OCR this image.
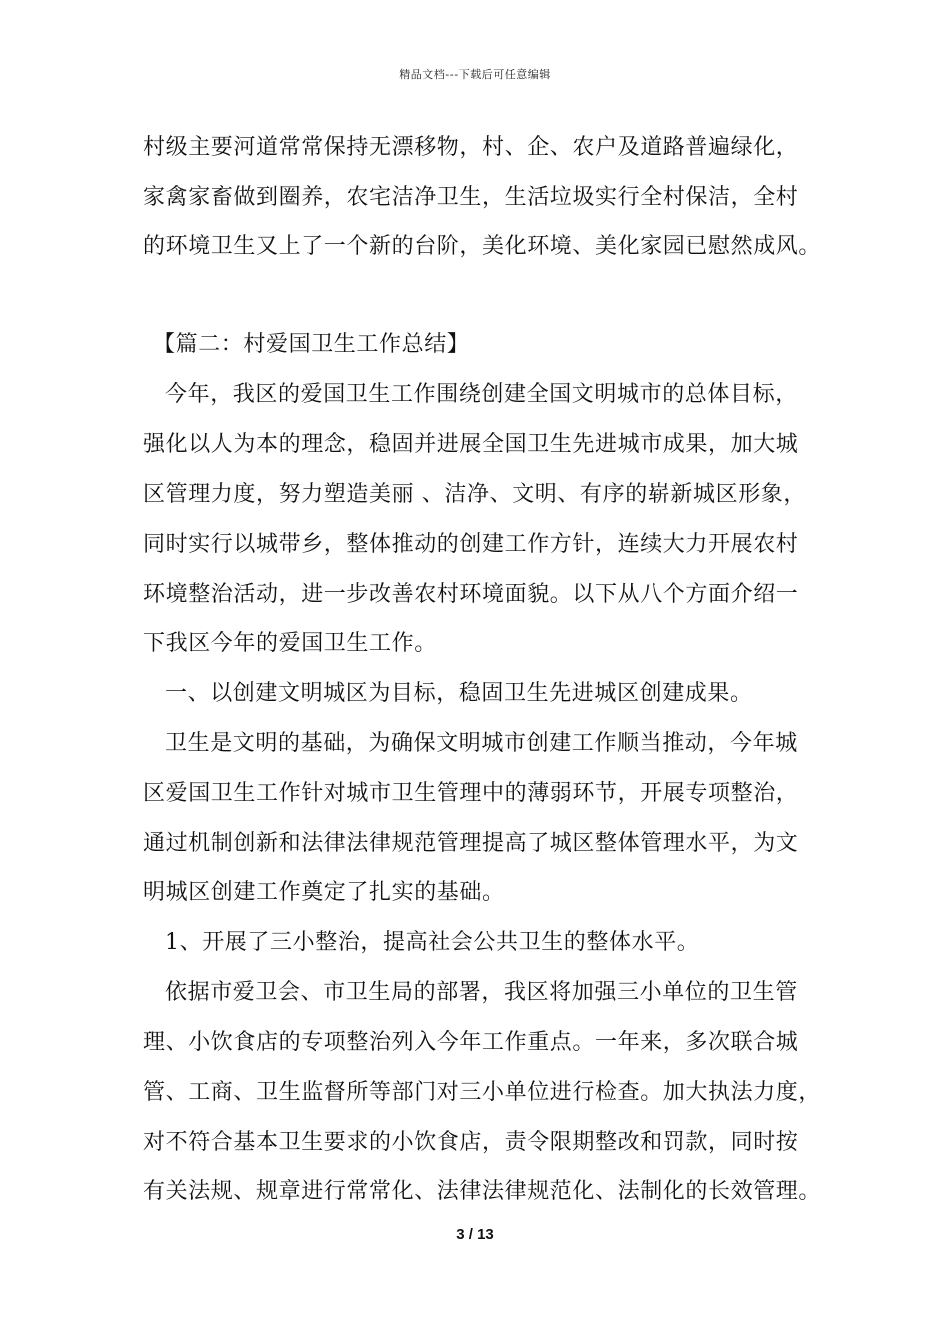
精品文档---下载后可任意编辑
村级主要河道常常保持无漂移物，村、企、农户及道路普遍绿化，
家禽家畜做到圈养，农宅洁净卫生，生活垃圾实行全村保洁，全村
的环境卫生又上了一个新的台阶，美化环境、美化家园已慰然成风。
【篇二：村爱国卫生工作总结】
今年，我区的爱国卫生工作围绕创建全国文明城市的总体目标，
强化以人为本的理念，稳固并进展全国卫生先进城市成果，加大城
区管理力度，努力塑造美丽 、洁净、文明、有序的崭新城区形象，
同时实行以城带乡，整体推动的创建工作方针，连续大力开展农村
环境整治活动，进一步改善农村环境面貌。以下从八个方面介绍一
下我区今年的爱国卫生工作。
一、以创建文明城区为目标，稳固卫生先进城区创建成果。
卫生是文明的基础，为确保文明城市创建工作顺当推动，今年城
区爱国卫生工作针对城市卫生管理中的薄弱环节，开展专项整治，
通过机制创新和法律法律规范管理提高了城区整体管理水平，为文
明城区创建工作奠定了扎实的基础。
1、开展了三小整治，提高社会公共卫生的整体水平。
依据市爱卫会、市卫生局的部署，我区将加强三小单位的卫生管
理、小饮食店的专项整治列入今年工作重点。一年来，多次联合城
管、工商、卫生监督所等部门对三小单位进行检查。加大执法力度，
对不符合基本卫生要求的小饮食店，责令限期整改和罚款，同时按
有关法规、规章进行常常化、法律法律规范化、法制化的长效管理。
3 / 13
